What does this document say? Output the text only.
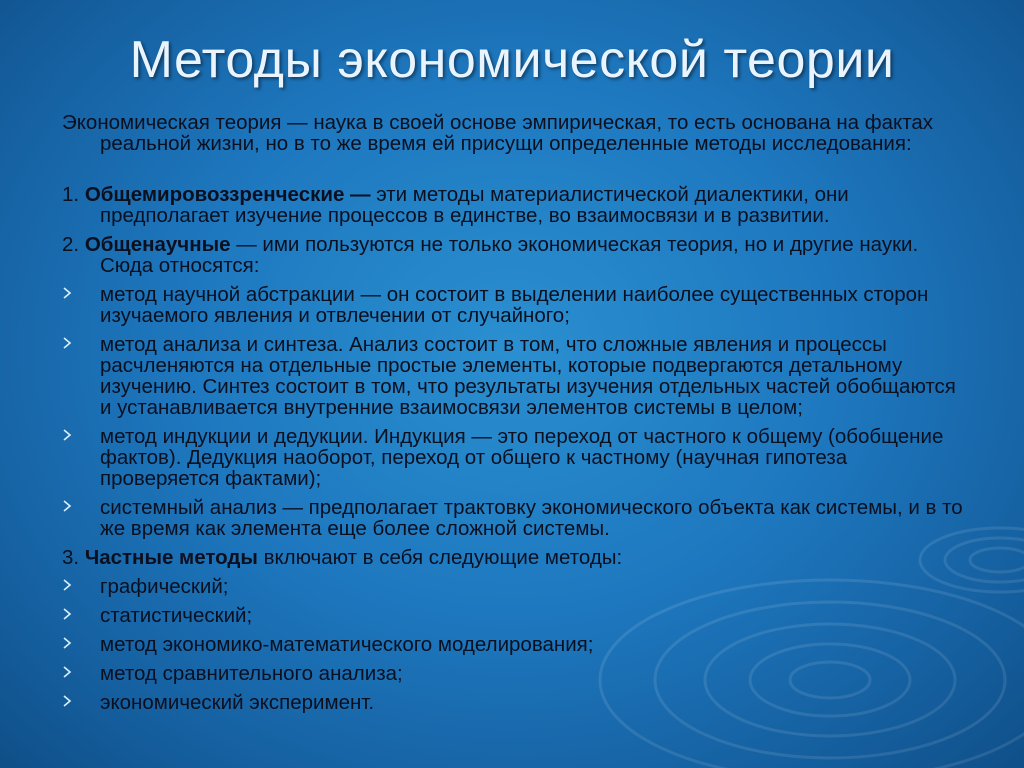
Методы экономической теории
Экономическая теория — наука в своей основе эмпирическая, то есть основана на фактах реальной жизни, но в то же время ей присущи определенные методы исследования:
1. Общемировоззренческие — эти методы материалистической диалектики, они предполагает изучение процессов в единстве, во взаимосвязи и в развитии.
2. Общенаучные — ими пользуются не только экономическая теория, но и другие науки. Сюда относятся:
метод научной абстракции — он состоит в выделении наиболее существенных сторон изучаемого явления и отвлечении от случайного;
метод анализа и синтеза. Анализ состоит в том, что сложные явления и процессы расчленяются на отдельные простые элементы, которые подвергаются детальному изучению. Синтез состоит в том, что результаты изучения отдельных частей обобщаются и устанавливается внутренние взаимосвязи элементов системы в целом;
метод индукции и дедукции. Индукция — это переход от частного к общему (обобщение фактов). Дедукция наоборот, переход от общего к частному (научная гипотеза проверяется фактами);
системный анализ — предполагает трактовку экономического объекта как системы, и в то же время как элемента еще более сложной системы.
3. Частные методы включают в себя следующие методы:
графический;
статистический;
метод экономико-математического моделирования;
метод сравнительного анализа;
экономический эксперимент.
